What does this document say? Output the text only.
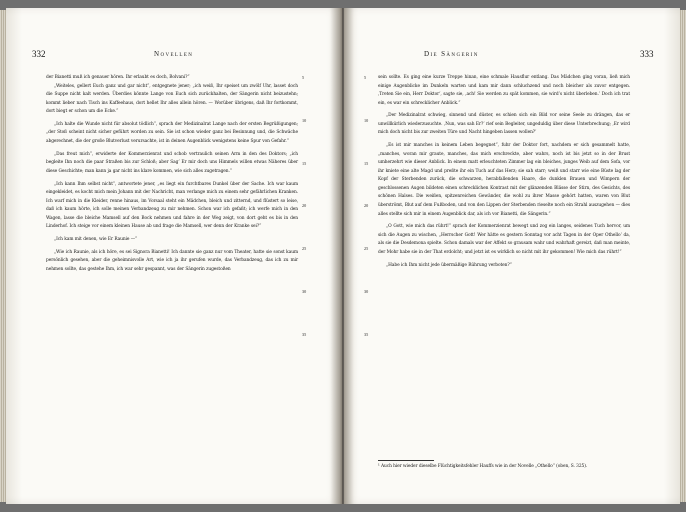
332	Novellen
5
10
15
20
25
30
35

der Bianetti muß ich genauer hören. Ihr erlaubt es doch, Bolvani?“

„Weiteles, gellert Euch ganz und gar nicht“, entgegnete jener; „ich weiß, Ihr speiset um zwölf Uhr, lasset doch die Suppe nicht kalt werden. Überdies könnte Lange von Euch sich zurückhalten, der Sängerin nicht beizustehn; kommt lieber nach Tisch ins Kaffeehaus, dort hellet Ihr alles allein hören. — Worüber übrigens, daß Ihr fortkommt, dort biegt er schon um die Ecke.“

„Ich halte die Wunde nicht für absolut tödlich“, sprach der Medizinalrat Lange nach der ersten Begrüßigungen; „der Stoß scheint nicht sicher geführt worden zu sein. Sie ist schon wieder ganz bei Besinnung und, die Schwäche abgerechnet, die der große Blutverlust verursachte, ist in deinen Augenblick wenigstens keine Spur von Gefahr.“

„Das freut mich“, erwiderte der Kommerzienrat und schob vertraulich seinen Arm in den des Doktors; „ich begleite Ihn noch die paar Straßen bis zur Schloß; aber Sag’ Er mir doch uns Himmels willen etwas Näheres über diese Geschichte; man kann ja gar nicht ins klare kommen, wie sich alles zugetragen.“

„Ich kann Ihm selbst nicht“, antwortete jener, „es liegt ein furchtbares Dunkel über der Sache. Ich war kaum eingekleidet, es kocht mich mein Johann mit der Nachricht, man verlange mich zu einem sehr gefährlichen Kranken. Ich warf mich in die Kleider, renne hinaus, im Vorsaal steht ein Mädchen, bleich und zitternd, und flüstert so leise, daß ich kaum hörte, ich solle meinen Verbandzeug zu mir nehmen. Schon war ich gefaßt; ich werfe mich in den Wagen, lasse die bleiche Mamsell auf den Bock nehmen und fahre in der Weg zeigt, von dort geht es bis in den Linderhof. Ich steige vor einem kleinen Hause ab und frage die Mamsell, wer denn der Kranke sei?“

„Ich kam mit denen, wie Er Raunie —“

„Wie ich Raunie, als ich höre, es sei Signora Bianetti! Ich dannte sie ganz nur vom Theater, hatte sie sonst kaum persönlich gesehen, aber die geheimnisvolle Art, wie ich ja ihr gerufen wurde, das Verbandzeug, das ich zu mir nehmen sollte, das gestehe Ihm, ich war sehr gespannt, was der Sängerin zugestoßen

Die Sängerin	333
5
10
15
20
25
30
35

sein sollte. Es ging eine kurze Treppe hinan, eine schmale Hausflur entlang. Das Mädchen ging voran, ließ mich einige Augenblicke im Dunkeln warten und kam mir dann schluchzend und noch bleicher als zuvor entgegen. ‚Treten Sie ein, Herr Doktor‘, sagte sie, ‚ach! Sie werden zu spät kommen, sie wird’s nicht überleben.‘ Doch ich trat ein, es war ein schrecklicher Anblick.“

„Der Medizinalrat schwieg, sinnend und düster, es schien sich ein Bild vor seine Seele zu drängen, das er unwillkürlich wiederzusuchte. ‚Nun, was sah Er?‘ rief sein Begleiter, ungeduldig über diese Unterbrechung; ‚Er wird mich doch nicht bis zur zweiten Türe und Nacht hingeben lassen wollen?‘

„Es ist mir manches in keinem Leben begegnet“, fuhr der Doktor fort, nachdem er sich gesammelt hatte, „manches, woran mir graute, manches, das mich erschreckte, aber wahrs, noch ist bis jetzt so in der Brust umherzehrt wie dieser Anblick. In einem matt erleuchteten Zimmer lag ein bleiches, junges Weib auf dem Sofa, vor ihr kniete eine alte Magd und preßte ihr ein Tuch auf das Herz; sie sah starr; weiß und starr wie eine Büste lag der Kopf der Sterbenden zurück, die schwarzen, herabfallenden Haare, die dunklen Brauen und Wimpern der geschlossenen Augen bildeten einen schrecklichen Kontrast mit der glänzenden Blässe der Stirn, des Gesichts, des schönen Halses. Die weißen, spitzenreichen Gewänder, die wohl zu ihrer Masse gehört hatten, waren von Blut überströmt, Blut auf dem Fußboden, und von den Lippen der Sterbenden rieselte noch ein Strahl auszugehen — dies alles stellte sich mir in einem Augenblick dar, als ich vor Bianetti, die Sängerin.“

„O Gott, wie mich das rührt!“ sprach der Kommerzienrat bewegt und zog ein langes, seidenes Tuch hervor, um sich die Augen zu wischen, „Herrscher Gott! Wer hätte es gestern Sonntag vor acht Tagen in der Oper Othello‘ da, als sie die Desdemona spielte. Schon damals war der Affekt so grausam wahr und wahrhaft gereizt, daß man meinte, der Mohr habe sie in der That erdolcht; und jetzt ist es wirklich so nicht mit ihr gekommen! Wie mich das rührt!“

„Habe ich Ihm nicht jede übermäßige Rührung verboten?“

¹ Auch hier wieder dieselbe Flüchtigkeitsfehler Hauffs wie in der Novelle „Othello“ (oben, S. 325).
